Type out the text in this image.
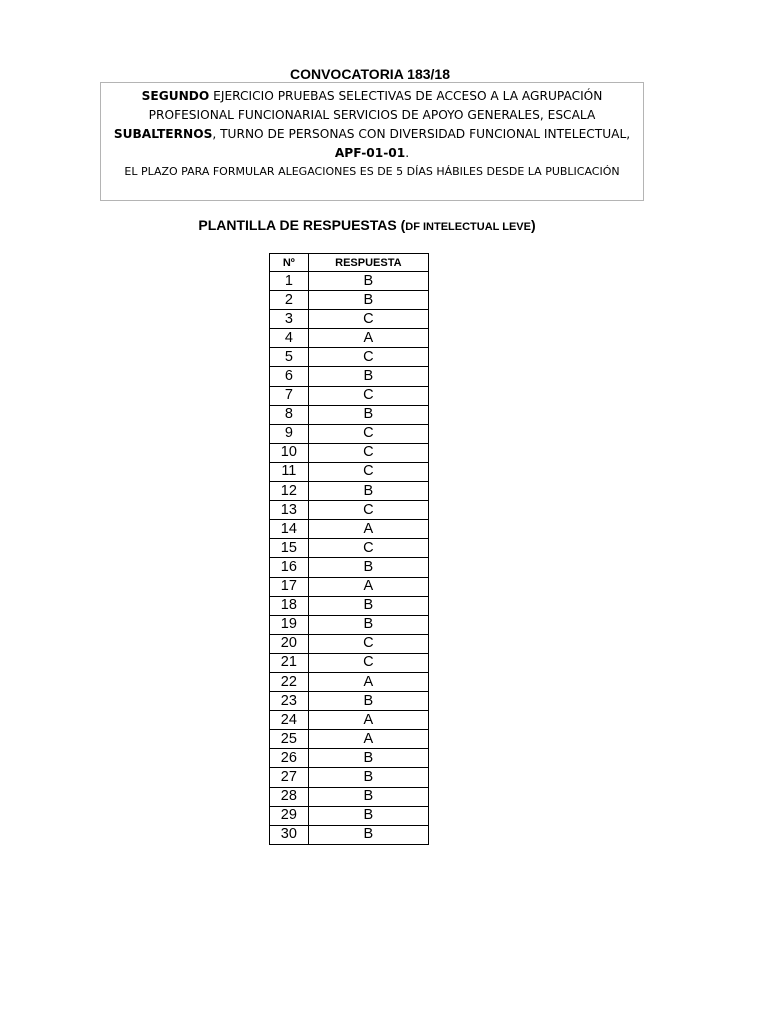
CONVOCATORIA 183/18
SEGUNDO EJERCICIO PRUEBAS SELECTIVAS DE ACCESO A LA AGRUPACIÓN
PROFESIONAL FUNCIONARIAL SERVICIOS DE APOYO GENERALES, ESCALA
SUBALTERNOS, TURNO DE PERSONAS CON DIVERSIDAD FUNCIONAL INTELECTUAL,
APF-01-01.
EL PLAZO PARA FORMULAR ALEGACIONES ES DE 5 DÍAS HÁBILES DESDE LA PUBLICACIÓN
PLANTILLA DE RESPUESTAS (DF INTELECTUAL LEVE)
Nº	RESPUESTA
1	B
2	B
3	C
4	A
5	C
6	B
7	C
8	B
9	C
10	C
11	C
12	B
13	C
14	A
15	C
16	B
17	A
18	B
19	B
20	C
21	C
22	A
23	B
24	A
25	A
26	B
27	B
28	B
29	B
30	B
